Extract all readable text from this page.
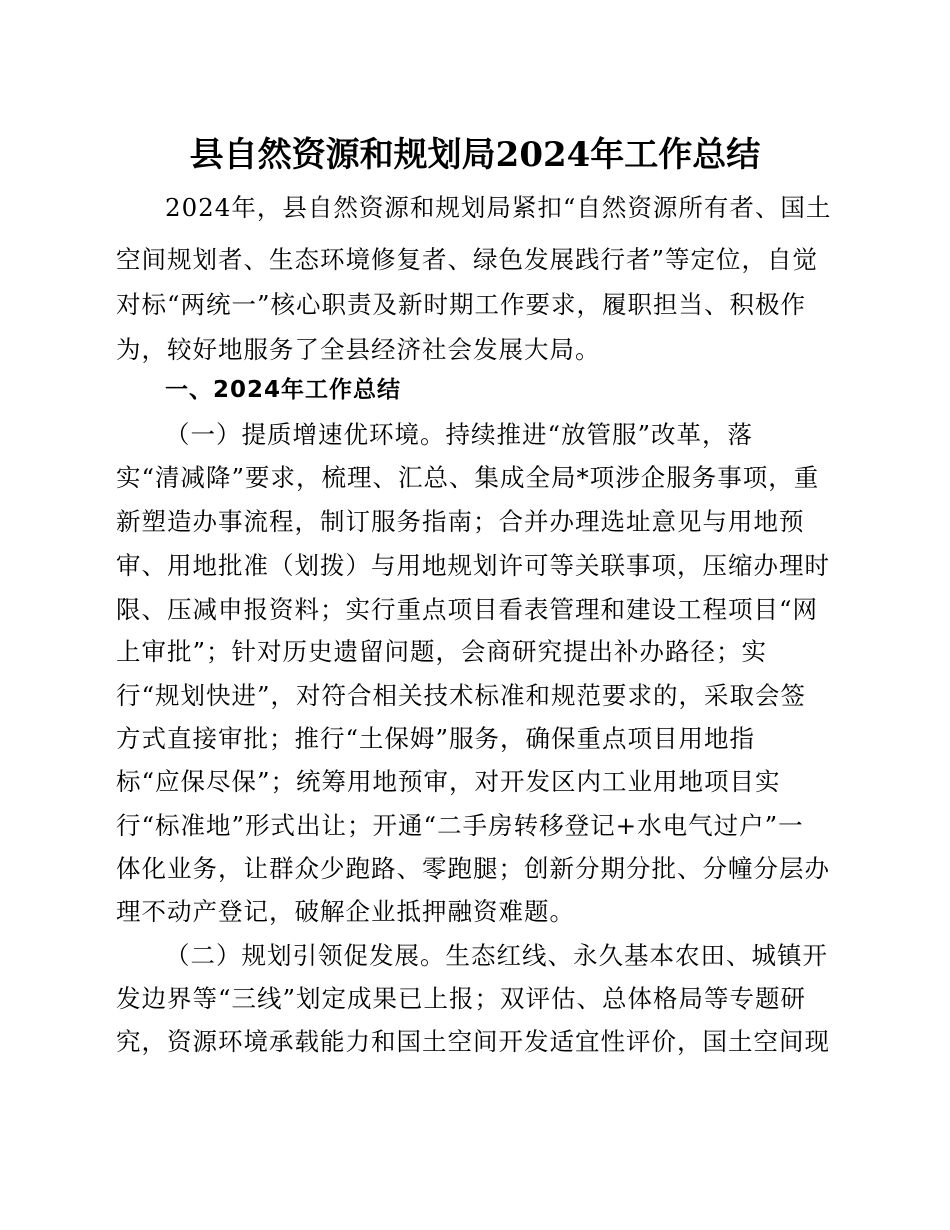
县自然资源和规划局2024年工作总结
2024年，县自然资源和规划局紧扣“自然资源所有者、国土
空间规划者、生态环境修复者、绿色发展践行者”等定位，自觉
对标“两统一”核心职责及新时期工作要求，履职担当、积极作
为，较好地服务了全县经济社会发展大局。
一、2024年工作总结
（一）提质增速优环境。持续推进“放管服”改革，落
实“清减降”要求，梳理、汇总、集成全局*项涉企服务事项，重
新塑造办事流程，制订服务指南；合并办理选址意见与用地预
审、用地批准（划拨）与用地规划许可等关联事项，压缩办理时
限、压减申报资料；实行重点项目看表管理和建设工程项目“网
上审批”；针对历史遗留问题，会商研究提出补办路径；实
行“规划快进”，对符合相关技术标准和规范要求的，采取会签
方式直接审批；推行“土保姆”服务，确保重点项目用地指
标“应保尽保”；统筹用地预审，对开发区内工业用地项目实
行“标准地”形式出让；开通“二手房转移登记+水电气过户”一
体化业务，让群众少跑路、零跑腿；创新分期分批、分幢分层办
理不动产登记，破解企业抵押融资难题。
（二）规划引领促发展。生态红线、永久基本农田、城镇开
发边界等“三线”划定成果已上报；双评估、总体格局等专题研
究，资源环境承载能力和国土空间开发适宜性评价，国土空间现
